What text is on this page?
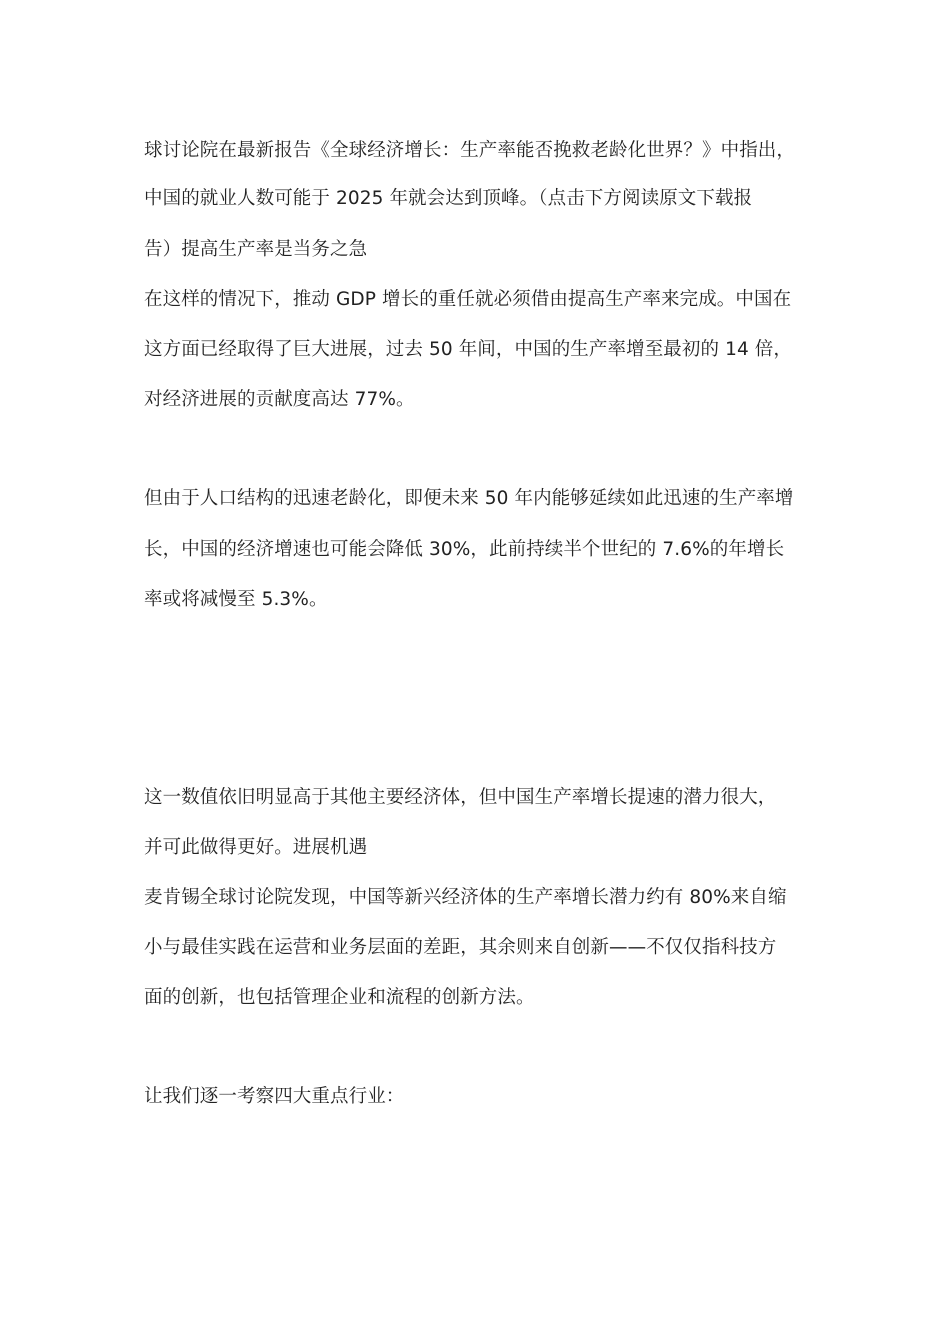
球讨论院在最新报告《全球经济增长：生产率能否挽救老龄化世界？》中指出，
中国的就业人数可能于 2025 年就会达到顶峰。（点击下方阅读原文下载报
告）提高生产率是当务之急
在这样的情况下，推动 GDP 增长的重任就必须借由提高生产率来完成。中国在
这方面已经取得了巨大进展，过去 50 年间，中国的生产率增至最初的 14 倍，
对经济进展的贡献度高达 77%。
但由于人口结构的迅速老龄化，即便未来 50 年内能够延续如此迅速的生产率增
长，中国的经济增速也可能会降低 30%，此前持续半个世纪的 7.6%的年增长
率或将减慢至 5.3%。
这一数值依旧明显高于其他主要经济体，但中国生产率增长提速的潜力很大，
并可此做得更好。进展机遇
麦肯锡全球讨论院发现，中国等新兴经济体的生产率增长潜力约有 80%来自缩
小与最佳实践在运营和业务层面的差距，其余则来自创新——不仅仅指科技方
面的创新，也包括管理企业和流程的创新方法。
让我们逐一考察四大重点行业：
